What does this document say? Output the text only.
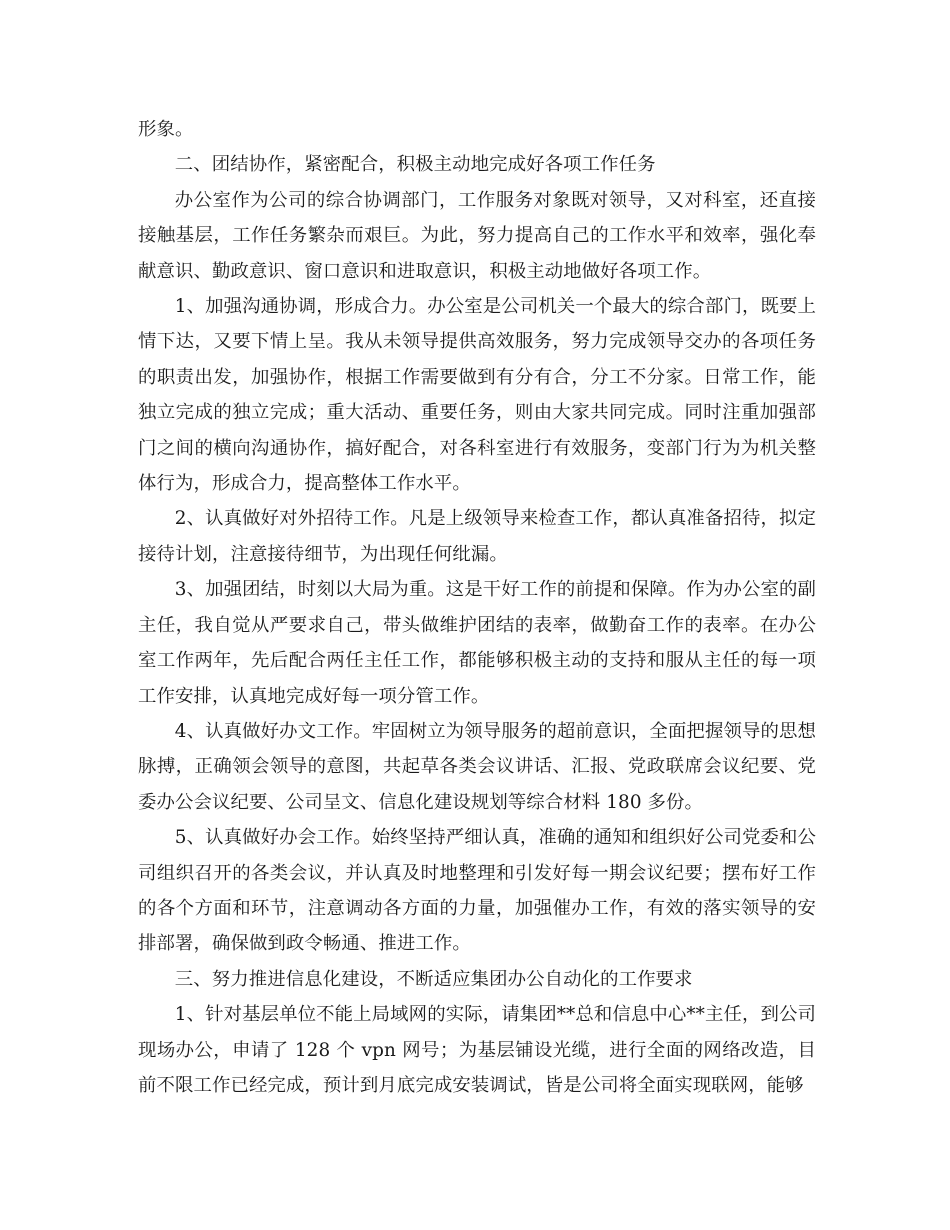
形象。

二、团结协作，紧密配合，积极主动地完成好各项工作任务

办公室作为公司的综合协调部门，工作服务对象既对领导，又对科室，还直接接触基层，工作任务繁杂而艰巨。为此，努力提高自己的工作水平和效率，强化奉献意识、勤政意识、窗口意识和进取意识，积极主动地做好各项工作。

1、加强沟通协调，形成合力。办公室是公司机关一个最大的综合部门，既要上情下达，又要下情上呈。我从未领导提供高效服务，努力完成领导交办的各项任务的职责出发，加强协作，根据工作需要做到有分有合，分工不分家。日常工作，能独立完成的独立完成；重大活动、重要任务，则由大家共同完成。同时注重加强部门之间的横向沟通协作，搞好配合，对各科室进行有效服务，变部门行为为机关整体行为，形成合力，提高整体工作水平。

2、认真做好对外招待工作。凡是上级领导来检查工作，都认真准备招待，拟定接待计划，注意接待细节，为出现任何纰漏。

3、加强团结，时刻以大局为重。这是干好工作的前提和保障。作为办公室的副主任，我自觉从严要求自己，带头做维护团结的表率，做勤奋工作的表率。在办公室工作两年，先后配合两任主任工作，都能够积极主动的支持和服从主任的每一项工作安排，认真地完成好每一项分管工作。

4、认真做好办文工作。牢固树立为领导服务的超前意识，全面把握领导的思想脉搏，正确领会领导的意图，共起草各类会议讲话、汇报、党政联席会议纪要、党委办公会议纪要、公司呈文、信息化建设规划等综合材料 180 多份。

5、认真做好办会工作。始终坚持严细认真，准确的通知和组织好公司党委和公司组织召开的各类会议，并认真及时地整理和引发好每一期会议纪要；摆布好工作的各个方面和环节，注意调动各方面的力量，加强催办工作，有效的落实领导的安排部署，确保做到政令畅通、推进工作。

三、努力推进信息化建设，不断适应集团办公自动化的工作要求

1、针对基层单位不能上局域网的实际，请集团**总和信息中心**主任，到公司现场办公，申请了 128 个 vpn 网号；为基层铺设光缆，进行全面的网络改造，目前不限工作已经完成，预计到月底完成安装调试，皆是公司将全面实现联网，能够
